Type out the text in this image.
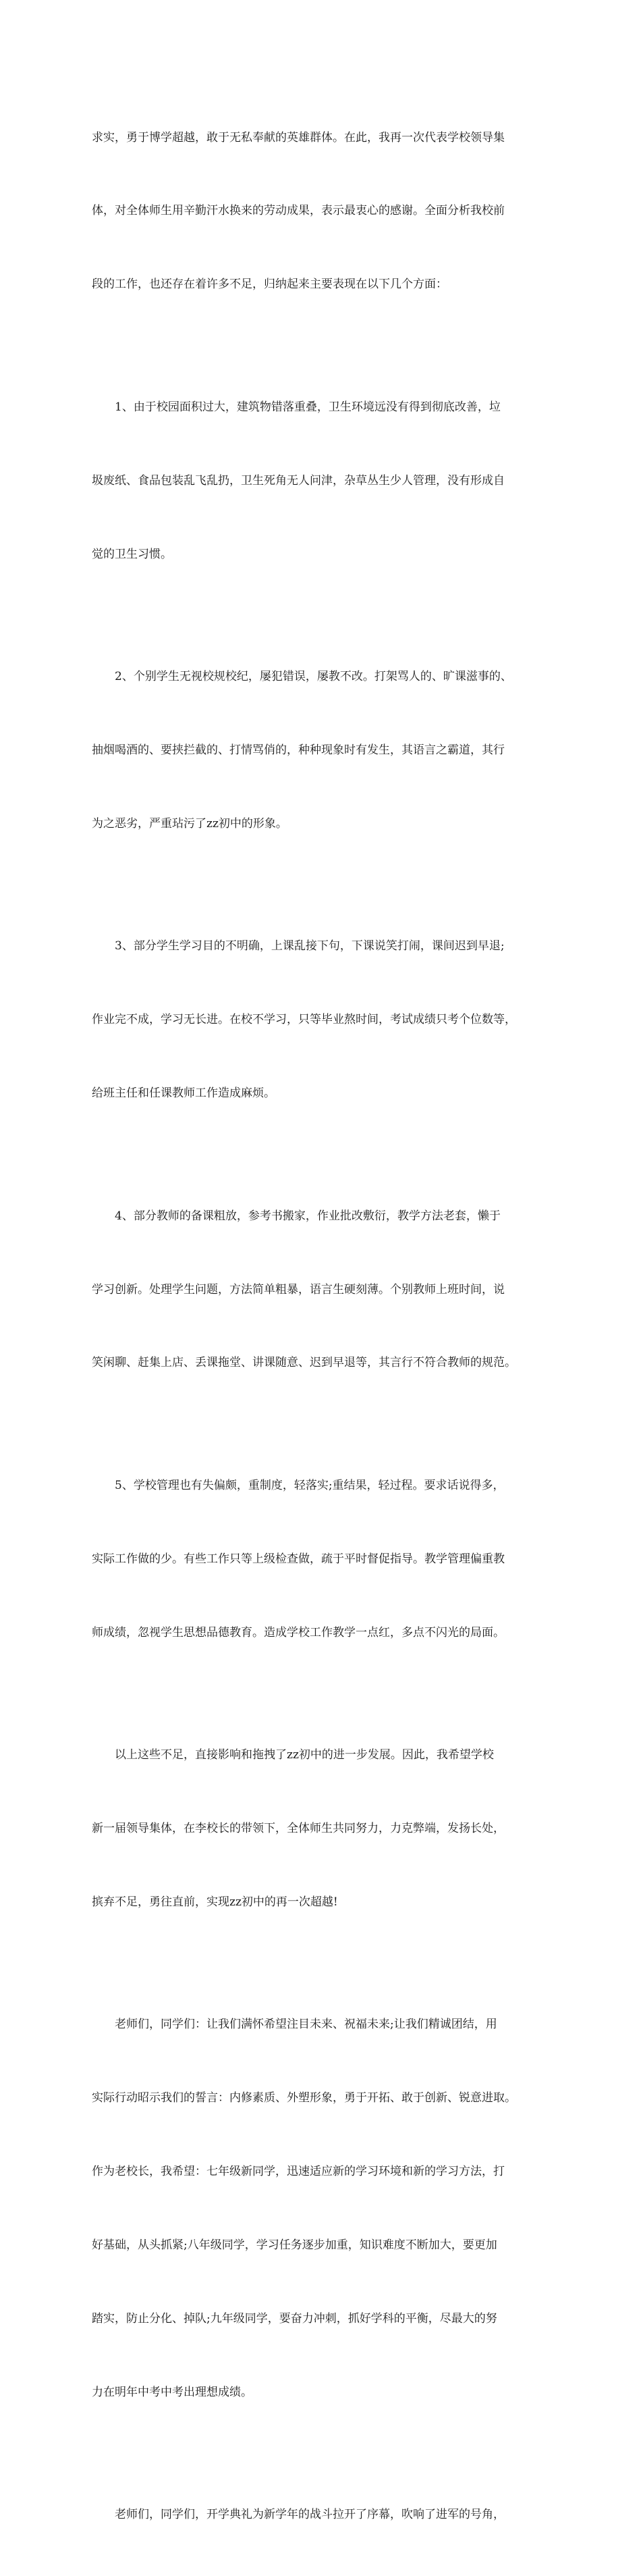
求实，勇于博学超越，敢于无私奉献的英雄群体。在此，我再一次代表学校领导集

体，对全体师生用辛勤汗水换来的劳动成果，表示最衷心的感谢。全面分析我校前

段的工作，也还存在着许多不足，归纳起来主要表现在以下几个方面：

1、由于校园面积过大，建筑物错落重叠，卫生环境远没有得到彻底改善，垃

圾废纸、食品包装乱飞乱扔，卫生死角无人问津，杂草丛生少人管理，没有形成自

觉的卫生习惯。

2、个别学生无视校规校纪，屡犯错误，屡教不改。打架骂人的、旷课滋事的、

抽烟喝酒的、要挟拦截的、打情骂俏的，种种现象时有发生，其语言之霸道，其行

为之恶劣，严重玷污了zz初中的形象。

3、部分学生学习目的不明确，上课乱接下句，下课说笑打闹，课间迟到早退;

作业完不成，学习无长进。在校不学习，只等毕业熬时间，考试成绩只考个位数等，

给班主任和任课教师工作造成麻烦。

4、部分教师的备课粗放，参考书搬家，作业批改敷衍，教学方法老套，懒于

学习创新。处理学生问题，方法简单粗暴，语言生硬刻薄。个别教师上班时间，说

笑闲聊、赶集上店、丢课拖堂、讲课随意、迟到早退等，其言行不符合教师的规范。

5、学校管理也有失偏颇，重制度，轻落实;重结果，轻过程。要求话说得多，

实际工作做的少。有些工作只等上级检查做，疏于平时督促指导。教学管理偏重教

师成绩，忽视学生思想品德教育。造成学校工作教学一点红，多点不闪光的局面。

以上这些不足，直接影响和拖拽了zz初中的进一步发展。因此，我希望学校

新一届领导集体，在李校长的带领下，全体师生共同努力，力克弊端，发扬长处，

摈弃不足，勇往直前，实现zz初中的再一次超越!

老师们，同学们：让我们满怀希望注目未来、祝福未来;让我们精诚团结，用

实际行动昭示我们的誓言：内修素质、外塑形象，勇于开拓、敢于创新、锐意进取。

作为老校长，我希望：七年级新同学，迅速适应新的学习环境和新的学习方法，打

好基础，从头抓紧;八年级同学，学习任务逐步加重，知识难度不断加大，要更加

踏实，防止分化、掉队;九年级同学，要奋力冲刺，抓好学科的平衡，尽最大的努

力在明年中考中考出理想成绩。

老师们，同学们，开学典礼为新学年的战斗拉开了序幕，吹响了进军的号角，
